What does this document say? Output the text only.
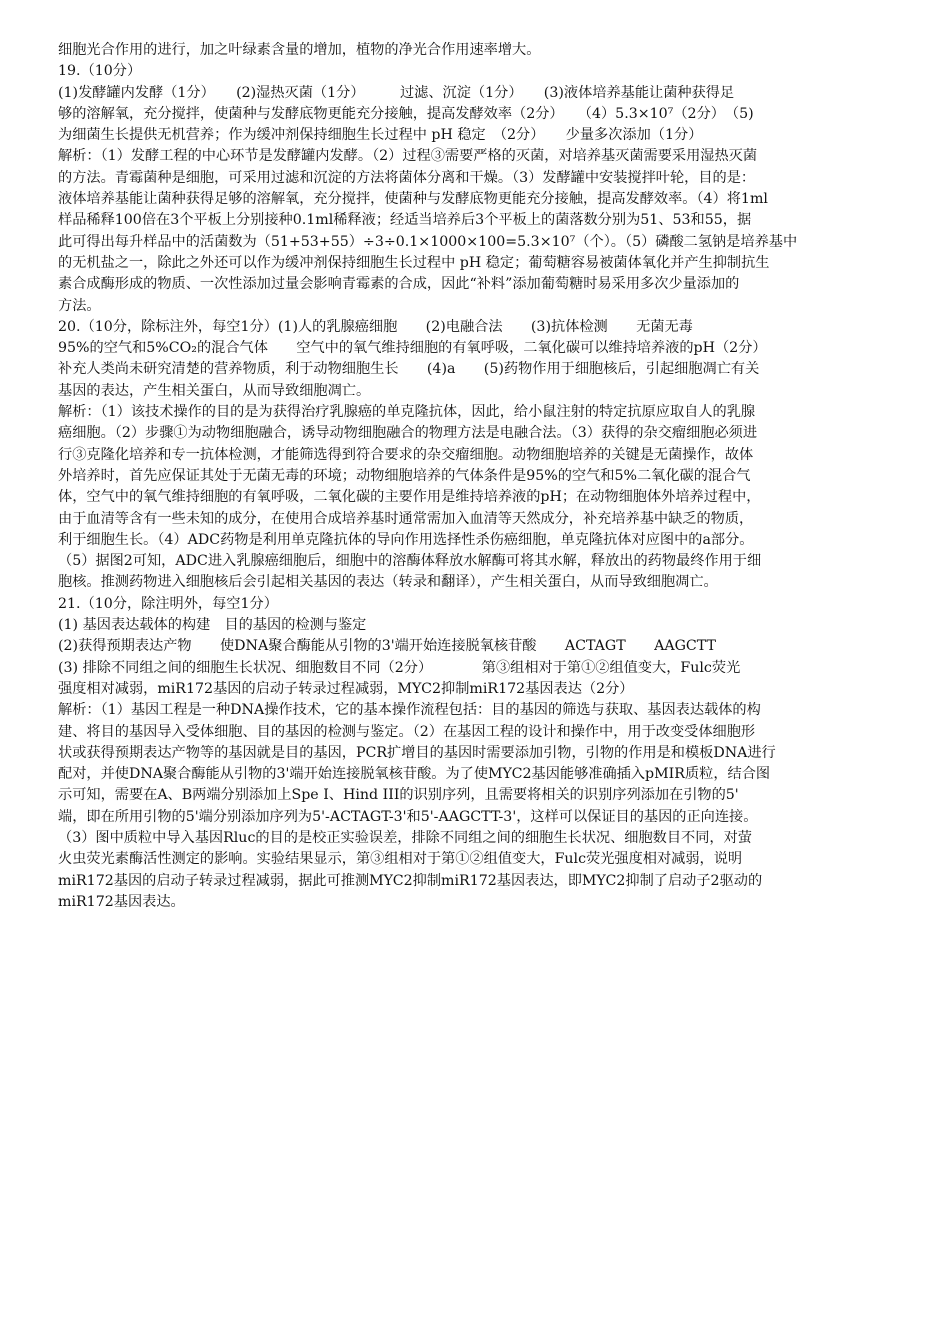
细胞光合作用的进行，加之叶绿素含量的增加，植物的净光合作用速率增大。
19.（10分）
(1)发酵罐内发酵（1分）　　(2)湿热灭菌（1分）　　　过滤、沉淀（1分）　　(3)液体培养基能让菌种获得足
够的溶解氧，充分搅拌，使菌种与发酵底物更能充分接触，提高发酵效率（2分）　　（4）5.3×10⁷（2分）　（5)
为细菌生长提供无机营养；作为缓冲剂保持细胞生长过程中 pH 稳定　（2分）　　少量多次添加（1分）
解析：（1）发酵工程的中心环节是发酵罐内发酵。（2）过程③需要严格的灭菌，对培养基灭菌需要采用湿热灭菌
的方法。青霉菌种是细胞，可采用过滤和沉淀的方法将菌体分离和干燥。（3）发酵罐中安装搅拌叶轮，目的是：
液体培养基能让菌种获得足够的溶解氧，充分搅拌，使菌种与发酵底物更能充分接触，提高发酵效率。（4）将1ml
样品稀释100倍在3个平板上分别接种0.1ml稀释液；经适当培养后3个平板上的菌落数分别为51、53和55，据
此可得出每升样品中的活菌数为（51+53+55）÷3÷0.1×1000×100=5.3×10⁷（个）。（5）磷酸二氢钠是培养基中
的无机盐之一，除此之外还可以作为缓冲剂保持细胞生长过程中 pH 稳定；葡萄糖容易被菌体氧化并产生抑制抗生
素合成酶形成的物质、一次性添加过量会影响青霉素的合成，因此“补料”添加葡萄糖时易采用多次少量添加的
方法。
20.（10分，除标注外，每空1分）(1)人的乳腺癌细胞　　(2)电融合法　　(3)抗体检测　　无菌无毒
95%的空气和5%CO₂的混合气体　　空气中的氧气维持细胞的有氧呼吸，二氧化碳可以维持培养液的pH（2分）
补充人类尚未研究清楚的营养物质，利于动物细胞生长　　(4)a　　(5)药物作用于细胞核后，引起细胞凋亡有关
基因的表达，产生相关蛋白，从而导致细胞凋亡。
解析：（1）该技术操作的目的是为获得治疗乳腺癌的单克隆抗体，因此，给小鼠注射的特定抗原应取自人的乳腺
癌细胞。（2）步骤①为动物细胞融合，诱导动物细胞融合的物理方法是电融合法。（3）获得的杂交瘤细胞必须进
行③克隆化培养和专一抗体检测，才能筛选得到符合要求的杂交瘤细胞。动物细胞培养的关键是无菌操作，故体
外培养时，首先应保证其处于无菌无毒的环境；动物细胞培养的气体条件是95%的空气和5%二氧化碳的混合气
体，空气中的氧气维持细胞的有氧呼吸，二氧化碳的主要作用是维持培养液的pH；在动物细胞体外培养过程中，
由于血清等含有一些未知的成分，在使用合成培养基时通常需加入血清等天然成分，补充培养基中缺乏的物质，
利于细胞生长。（4）ADC药物是利用单克隆抗体的导向作用选择性杀伤癌细胞，单克隆抗体对应图中的a部分。
（5）据图2可知，ADC进入乳腺癌细胞后，细胞中的溶酶体释放水解酶可将其水解，释放出的药物最终作用于细
胞核。推测药物进入细胞核后会引起相关基因的表达（转录和翻译），产生相关蛋白，从而导致细胞凋亡。
21.（10分，除注明外，每空1分）
(1) 基因表达载体的构建　目的基因的检测与鉴定
(2)获得预期表达产物　　使DNA聚合酶能从引物的3'端开始连接脱氧核苷酸　　ACTAGT　　AAGCTT
(3) 排除不同组之间的细胞生长状况、细胞数目不同（2分）　　　　第③组相对于第①②组值变大，Fulc荧光
强度相对减弱，miR172基因的启动子转录过程减弱，MYC2抑制miR172基因表达（2分）
解析：（1）基因工程是一种DNA操作技术，它的基本操作流程包括：目的基因的筛选与获取、基因表达载体的构
建、将目的基因导入受体细胞、目的基因的检测与鉴定。（2）在基因工程的设计和操作中，用于改变受体细胞形
状或获得预期表达产物等的基因就是目的基因，PCR扩增目的基因时需要添加引物，引物的作用是和模板DNA进行
配对，并使DNA聚合酶能从引物的3'端开始连接脱氧核苷酸。为了使MYC2基因能够准确插入pMIR质粒，结合图
示可知，需要在A、B两端分别添加上Spe I、Hind III的识别序列，且需要将相关的识别序列添加在引物的5'
端，即在所用引物的5'端分别添加序列为5'-ACTAGT-3'和5'-AAGCTT-3'，这样可以保证目的基因的正向连接。
（3）图中质粒中导入基因Rluc的目的是校正实验误差，排除不同组之间的细胞生长状况、细胞数目不同，对萤
火虫荧光素酶活性测定的影响。实验结果显示，第③组相对于第①②组值变大，Fulc荧光强度相对减弱，说明
miR172基因的启动子转录过程减弱，据此可推测MYC2抑制miR172基因表达，即MYC2抑制了启动子2驱动的
miR172基因表达。
